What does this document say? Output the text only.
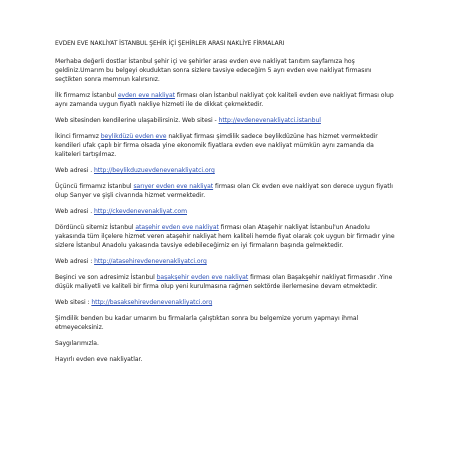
EVDEN EVE NAKLİYAT İSTANBUL ŞEHİR İÇİ ŞEHİRLER ARASI NAKLİYE FİRMALARI

Merhaba değerli dostlar İstanbul şehir içi ve şehirler arası evden eve nakliyat tanıtım sayfamıza hoş geldiniz.Umarım bu belgeyi okuduktan sonra sizlere tavsiye edeceğim 5 ayrı evden eve nakliyat firmasını seçtikten sonra memnun kalırsınız.

İlk firmamız İstanbul evden eve nakliyat firması olan İstanbul nakliyat çok kaliteli evden eve nakliyat firması olup aynı zamanda uygun fiyatlı nakliye hizmeti ile de dikkat çekmektedir.

Web sitesinden kendilerine ulaşabilirsiniz. Web sitesi - http://evdenevenakliyatci.istanbul

İkinci firmamız beylikdüzü evden eve nakliyat firması şimdilik sadece beylikdüzüne has hizmet vermektedir kendileri ufak çaplı bir firma olsada yine ekonomik fiyatlara evden eve nakliyat mümkün aynı zamanda da kaliteleri tartışılmaz.

Web adresi . http://beylikduzuevdenevenakliyatci.org

Üçüncü firmamız İstanbul sarıyer evden eve nakliyat firması olan Ck evden eve nakliyat son derece uygun fiyatlı olup Sarıyer ve şişli civarında hizmet vermektedir.

Web adresi . http://ckevdenevenakliyat.com

Dördüncü sitemiz İstanbul ataşehir evden eve nakliyat firması olan Ataşehir nakliyat İstanbul'un Anadolu yakasında tüm ilçelere hizmet veren ataşehir nakliyat hem kaliteli hemde fiyat olarak çok uygun bir firmadır yine sizlere İstanbul Anadolu yakasında tavsiye edebileceğimiz en iyi firmaların başında gelmektedir.

Web adresi : http://atasehirevdenevenakliyatci.org

Beşinci ve son adresimiz İstanbul başakşehir evden eve nakliyat firması olan Başakşehir nakliyat firmasıdır .Yine düşük maliyetli ve kaliteli bir firma olup yeni kurulmasına rağmen sektörde ilerlemesine devam etmektedir.

Web sitesi : http://basaksehirevdenevenakliyatci.org

Şimdilik benden bu kadar umarım bu firmalarla çalıştıktan sonra bu belgemize yorum yapmayı ihmal etmeyeceksiniz.

Saygılarımızla.

Hayırlı evden eve nakliyatlar.
